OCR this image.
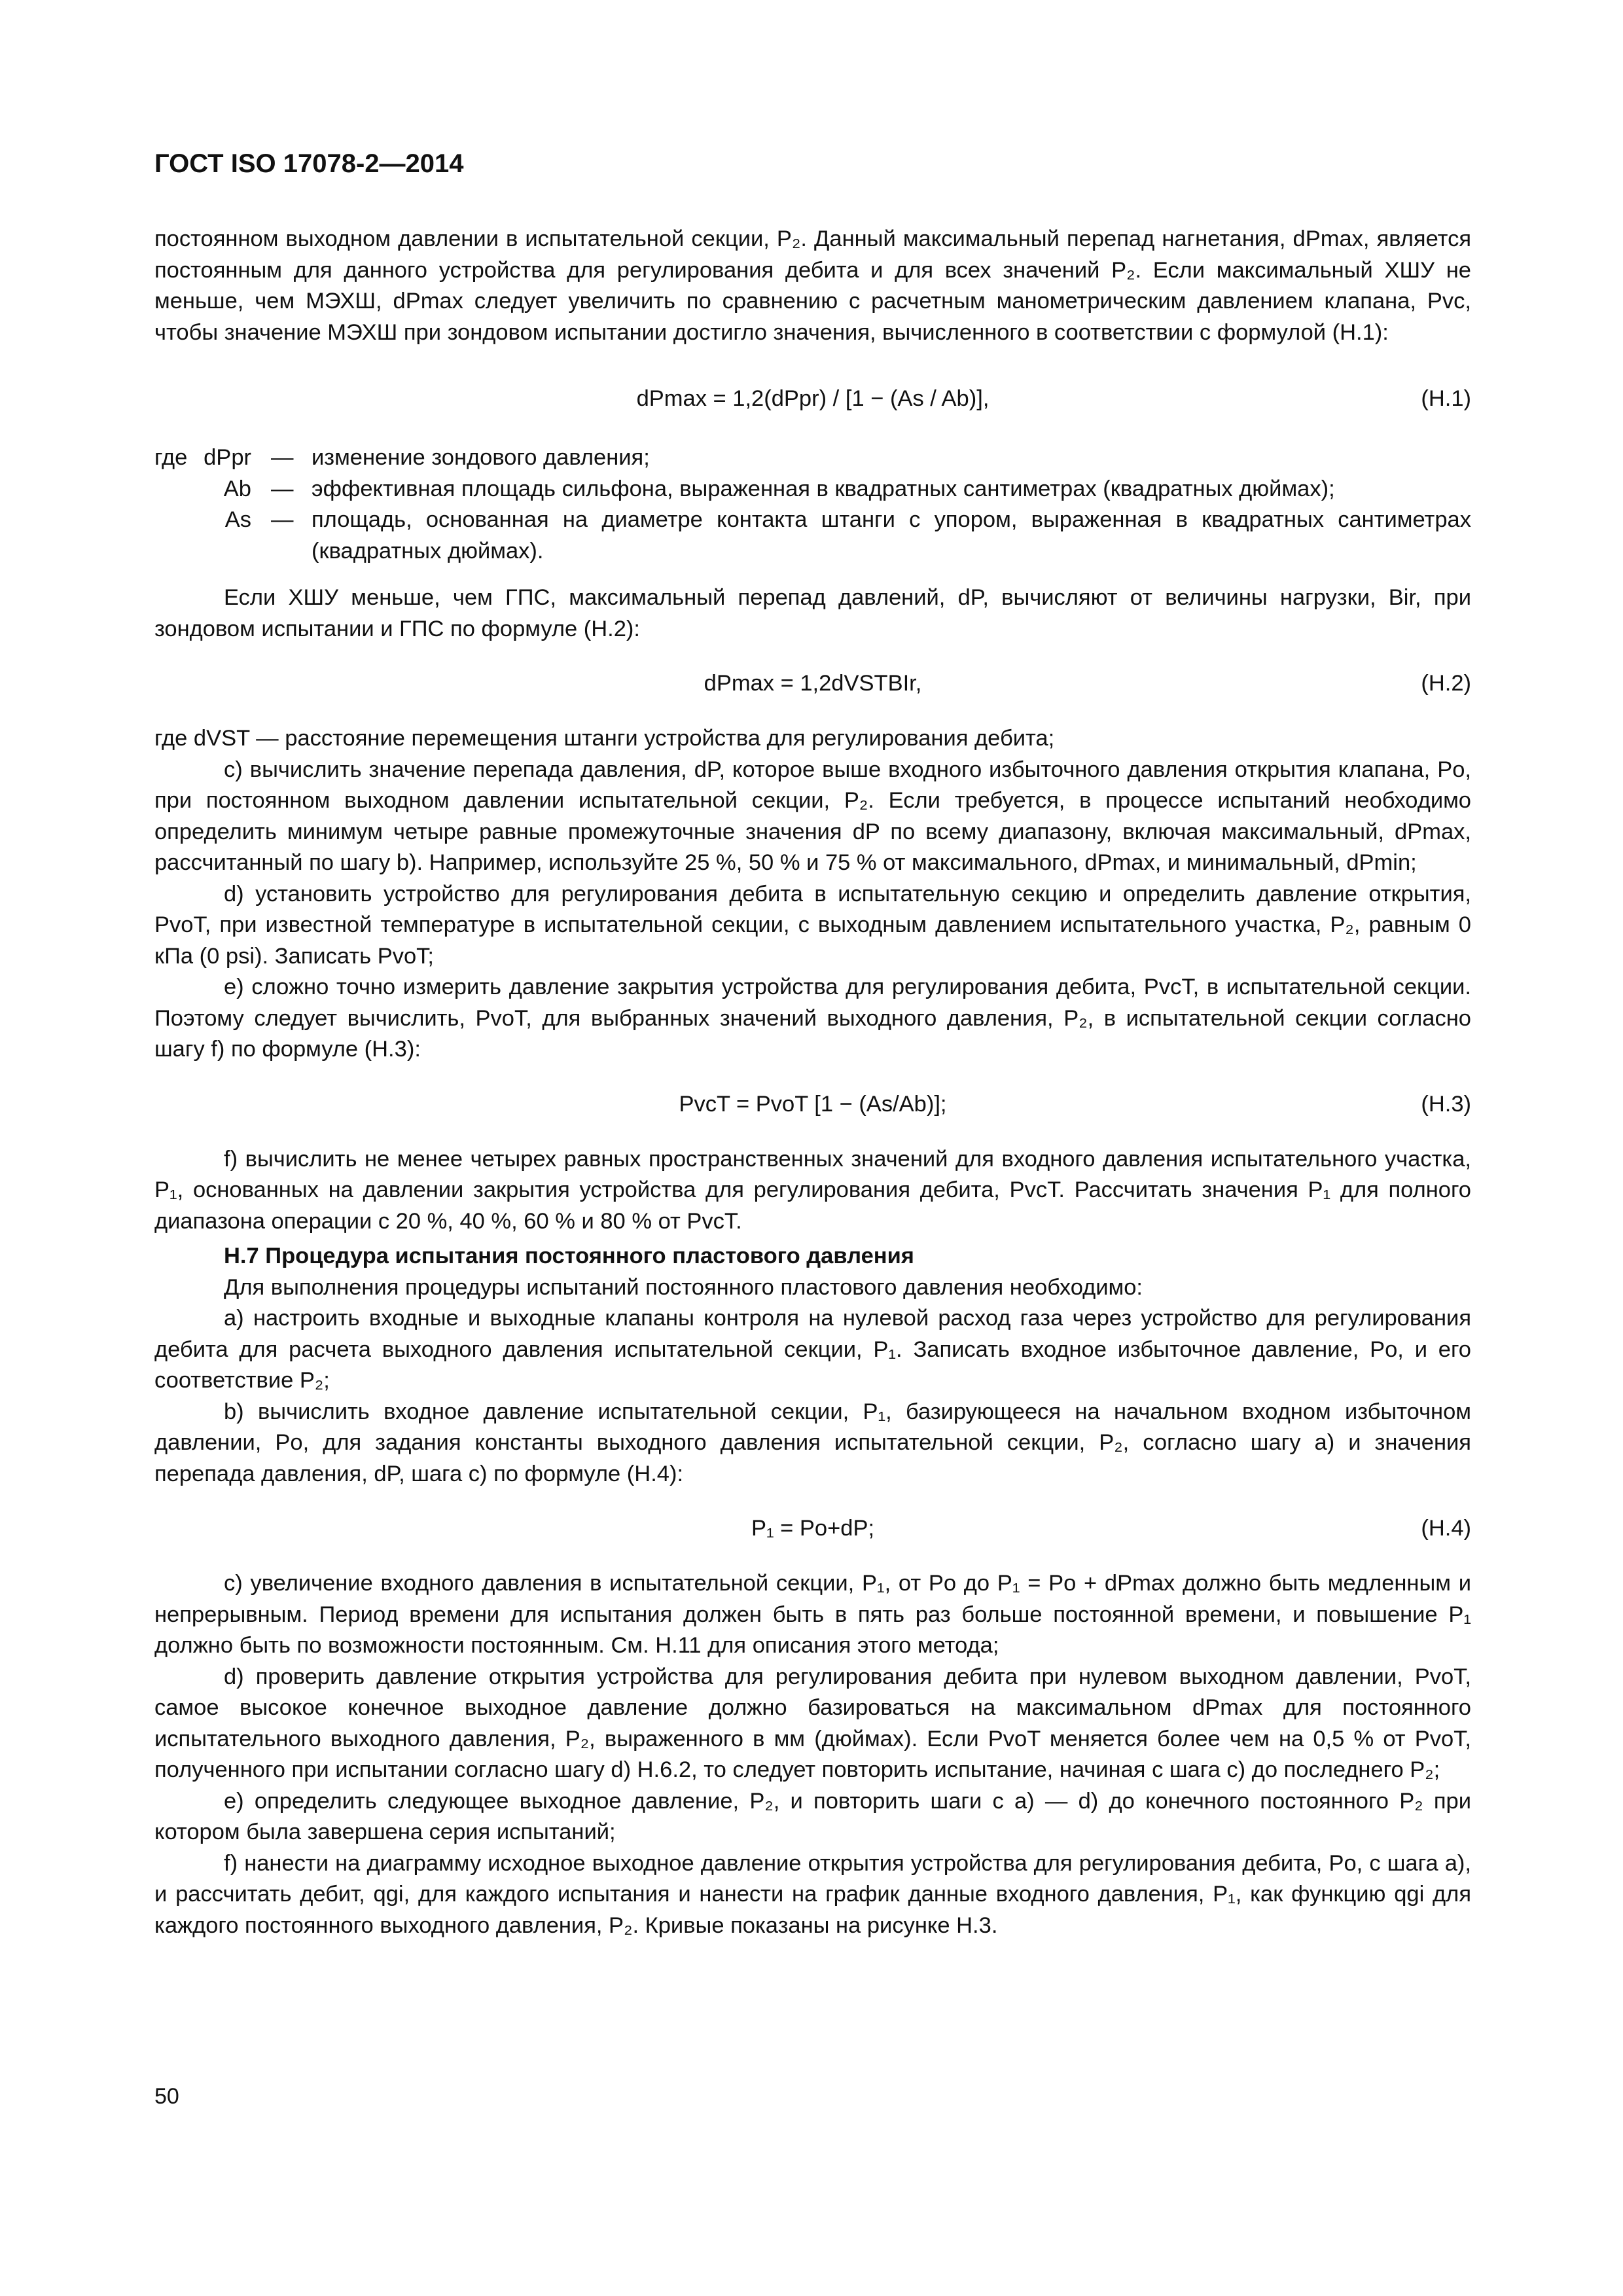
ГОСТ ISO 17078-2—2014

постоянном выходном давлении в испытательной секции, P₂. Данный максимальный перепад нагнетания, dPmax, является постоянным для данного устройства для регулирования дебита и для всех значений P₂. Если максимальный ХШУ не меньше, чем МЭХШ, dPmax следует увеличить по сравнению с расчетным манометрическим давлением клапана, Pvc, чтобы значение МЭХШ при зондовом испытании достигло значения, вычисленного в соответствии с формулой (Н.1):

dPmax = 1,2(dPpr) / [1 − (As / Ab)],	(Н.1)
где dPpr — изменение зондового давления;
Ab — эффективная площадь сильфона, выраженная в квадратных сантиметрах (квадратных дюймах);
As — площадь, основанная на диаметре контакта штанги с упором, выраженная в квадратных сантиметрах (квадратных дюймах).

Если ХШУ меньше, чем ГПС, максимальный перепад давлений, dP, вычисляют от величины нагрузки, Bir, при зондовом испытании и ГПС по формуле (Н.2):

dPmax = 1,2dVSTBIr,	(Н.2)

где dVST — расстояние перемещения штанги устройства для регулирования дебита;

c) вычислить значение перепада давления, dP, которое выше входного избыточного давления открытия клапана, Po, при постоянном выходном давлении испытательной секции, P₂. Если требуется, в процессе испытаний необходимо определить минимум четыре равные промежуточные значения dP по всему диапазону, включая максимальный, dPmax, рассчитанный по шагу b). Например, используйте 25 %, 50 % и 75 % от максимального, dPmax, и минимальный, dPmin;

d) установить устройство для регулирования дебита в испытательную секцию и определить давление открытия, PvoT, при известной температуре в испытательной секции, с выходным давлением испытательного участка, P₂, равным 0 кПа (0 psi). Записать PvoT;

e) сложно точно измерить давление закрытия устройства для регулирования дебита, PvcT, в испытательной секции. Поэтому следует вычислить, PvoT, для выбранных значений выходного давления, P₂, в испытательной секции согласно шагу f) по формуле (Н.3):

PvcT = PvoT [1 − (As/Ab)];	(Н.3)

f) вычислить не менее четырех равных пространственных значений для входного давления испытательного участка, P₁, основанных на давлении закрытия устройства для регулирования дебита, PvcT. Рассчитать значения P₁ для полного диапазона операции с 20 %, 40 %, 60 % и 80 % от PvcT.

Н.7 Процедура испытания постоянного пластового давления

Для выполнения процедуры испытаний постоянного пластового давления необходимо:

a) настроить входные и выходные клапаны контроля на нулевой расход газа через устройство для регулирования дебита для расчета выходного давления испытательной секции, P₁. Записать входное избыточное давление, Po, и его соответствие P₂;

b) вычислить входное давление испытательной секции, P₁, базирующееся на начальном входном избыточном давлении, Po, для задания константы выходного давления испытательной секции, P₂, согласно шагу a) и значения перепада давления, dP, шага c) по формуле (Н.4):

P₁ = Po+dP;	(Н.4)

c) увеличение входного давления в испытательной секции, P₁, от Po до P₁ = Po + dPmax должно быть медленным и непрерывным. Период времени для испытания должен быть в пять раз больше постоянной времени, и повышение P₁ должно быть по возможности постоянным. См. Н.11 для описания этого метода;

d) проверить давление открытия устройства для регулирования дебита при нулевом выходном давлении, PvoT, самое высокое конечное выходное давление должно базироваться на максимальном dPmax для постоянного испытательного выходного давления, P₂, выраженного в мм (дюймах). Если PvoT меняется более чем на 0,5 % от PvoT, полученного при испытании согласно шагу d) Н.6.2, то следует повторить испытание, начиная с шага c) до последнего P₂;

e) определить следующее выходное давление, P₂, и повторить шаги с a) — d) до конечного постоянного P₂ при котором была завершена серия испытаний;

f) нанести на диаграмму исходное выходное давление открытия устройства для регулирования дебита, Po, с шага a), и рассчитать дебит, qgi, для каждого испытания и нанести на график данные входного давления, P₁, как функцию qgi для каждого постоянного выходного давления, P₂. Кривые показаны на рисунке Н.3.

50
